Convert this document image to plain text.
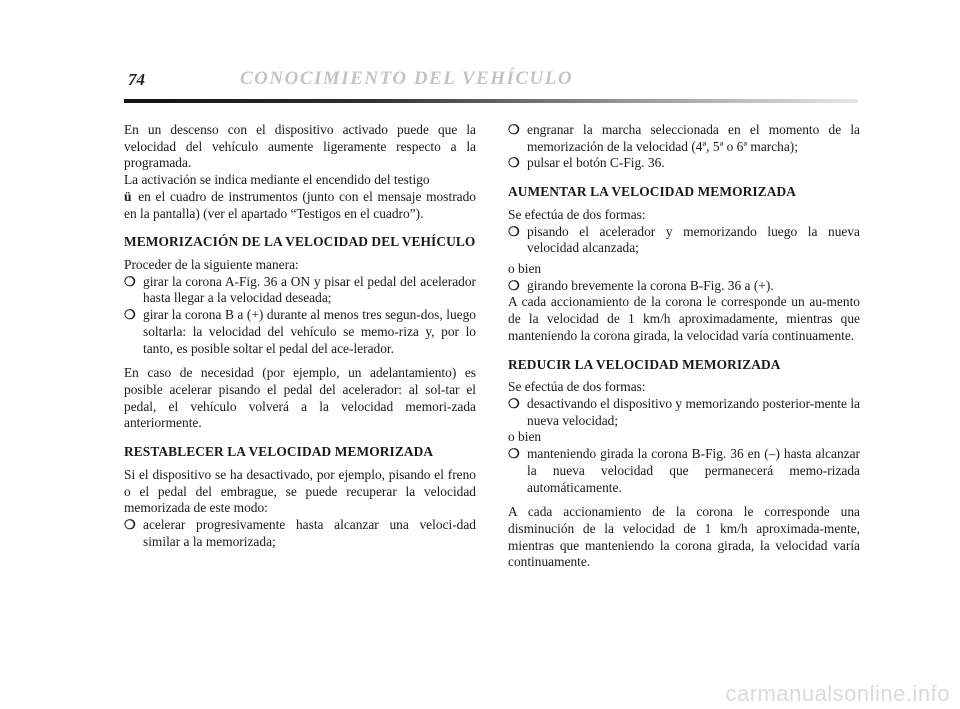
74	CONOCIMIENTO DEL VEHÍCULO

En un descenso con el dispositivo activado puede que la velocidad del vehículo aumente ligeramente respecto a la programada.

La activación se indica mediante el encendido del testigo
ü en el cuadro de instrumentos (junto con el mensaje mostrado en la pantalla) (ver el apartado “Testigos en el cuadro”).

MEMORIZACIÓN DE LA VELOCIDAD DEL VEHÍCULO

Proceder de la siguiente manera:

❍ girar la corona A-Fig. 36 a ON y pisar el pedal del acelerador hasta llegar a la velocidad deseada;
❍ girar la corona B a (+) durante al menos tres segun-dos, luego soltarla: la velocidad del vehículo se memo-riza y, por lo tanto, es posible soltar el pedal del ace-lerador.

En caso de necesidad (por ejemplo, un adelantamiento) es posible acelerar pisando el pedal del acelerador: al sol-tar el pedal, el vehículo volverá a la velocidad memori-zada anteriormente.

RESTABLECER LA VELOCIDAD MEMORIZADA

Si el dispositivo se ha desactivado, por ejemplo, pisando el freno o el pedal del embrague, se puede recuperar la velocidad memorizada de este modo:

❍ acelerar progresivamente hasta alcanzar una veloci-dad similar a la memorizada;
❍ engranar la marcha seleccionada en el momento de la memorización de la velocidad (4ª, 5ª o 6ª marcha);
❍ pulsar el botón C-Fig. 36.
AUMENTAR LA VELOCIDAD MEMORIZADA

Se efectúa de dos formas:

❍ pisando el acelerador y memorizando luego la nueva velocidad alcanzada;

o bien

❍ girando brevemente la corona B-Fig. 36 a (+).

A cada accionamiento de la corona le corresponde un au-mento de la velocidad de 1 km/h aproximadamente, mientras que manteniendo la corona girada, la velocidad varía continuamente.

REDUCIR LA VELOCIDAD MEMORIZADA

Se efectúa de dos formas:

❍ desactivando el dispositivo y memorizando posterior-mente la nueva velocidad;

o bien

❍ manteniendo girada la corona B-Fig. 36 en (–) hasta alcanzar la nueva velocidad que permanecerá memo-rizada automáticamente.

A cada accionamiento de la corona le corresponde una disminución de la velocidad de 1 km/h aproximada-mente, mientras que manteniendo la corona girada, la velocidad varía continuamente.

carmanualsonline.info
